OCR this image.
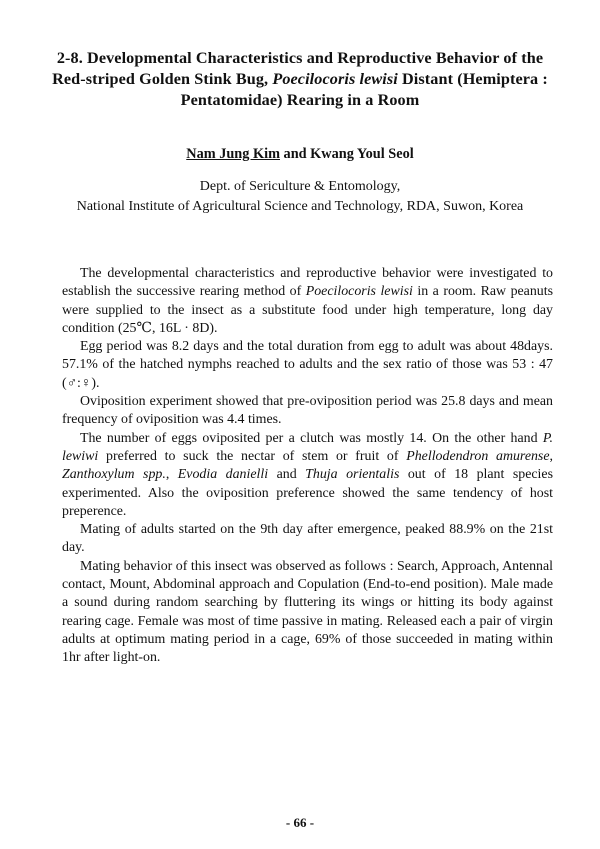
2-8. Developmental Characteristics and Reproductive Behavior of the Red-striped Golden Stink Bug, Poecilocoris lewisi Distant (Hemiptera : Pentatomidae) Rearing in a Room
Nam Jung Kim and Kwang Youl Seol
Dept. of Sericulture & Entomology,
National Institute of Agricultural Science and Technology, RDA, Suwon, Korea

The developmental characteristics and reproductive behavior were investigated to establish the successive rearing method of Poecilocoris lewisi in a room. Raw peanuts were supplied to the insect as a substitute food under high temperature, long day condition (25℃, 16L · 8D).

Egg period was 8.2 days and the total duration from egg to adult was about 48days. 57.1% of the hatched nymphs reached to adults and the sex ratio of those was 53 : 47 (♂:♀).

Oviposition experiment showed that pre-oviposition period was 25.8 days and mean frequency of oviposition was 4.4 times.

The number of eggs oviposited per a clutch was mostly 14. On the other hand P. lewiwi preferred to suck the nectar of stem or fruit of Phellodendron amurense, Zanthoxylum spp., Evodia danielli and Thuja orientalis out of 18 plant species experimented. Also the oviposition preference showed the same tendency of host preperence.

Mating of adults started on the 9th day after emergence, peaked 88.9% on the 21st day.

Mating behavior of this insect was observed as follows : Search, Approach, Antennal contact, Mount, Abdominal approach and Copulation (End-to-end position). Male made a sound during random searching by fluttering its wings or hitting its body against rearing cage. Female was most of time passive in mating. Released each a pair of virgin adults at optimum mating period in a cage, 69% of those succeeded in mating within 1hr after light-on.

- 66 -
